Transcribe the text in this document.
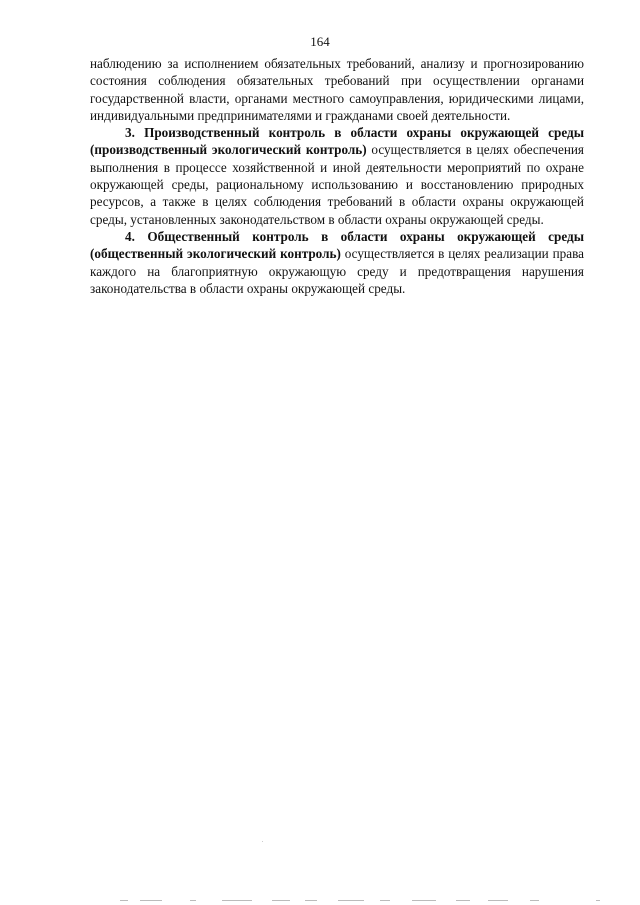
164

наблюдению за исполнением обязательных требований, анализу и прогнозированию состояния соблюдения обязательных требований при осуществлении органами государственной власти, органами местного самоуправления, юридическими лицами, индивидуальными предпринимателями и гражданами своей деятельности.

3. Производственный контроль в области охраны окружающей среды (производственный экологический контроль) осуществляется в целях обеспечения выполнения в процессе хозяйственной и иной деятельности мероприятий по охране окружающей среды, рациональному использованию и восстановлению природных ресурсов, а также в целях соблюдения требований в области охраны окружающей среды, установленных законодательством в области охраны окружающей среды.

4. Общественный контроль в области охраны окружающей среды (общественный экологический контроль) осуществляется в целях реализации права каждого на благоприятную окружающую среду и предотвращения нарушения законодательства в области охраны окружающей среды.
